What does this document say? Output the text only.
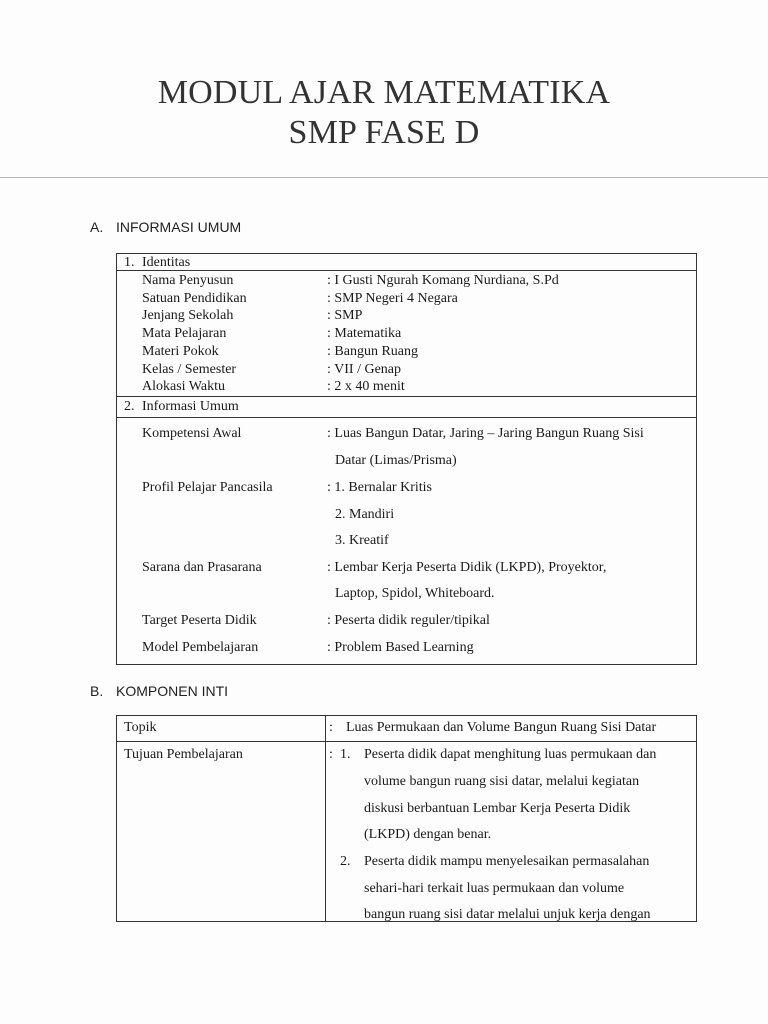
MODUL AJAR MATEMATIKA
SMP FASE D
A. INFORMASI UMUM
1. Identitas
Nama Penyusun	: I Gusti Ngurah Komang Nurdiana, S.Pd
Satuan Pendidikan	: SMP Negeri 4 Negara
Jenjang Sekolah	: SMP
Mata Pelajaran	: Matematika
Materi Pokok	: Bangun Ruang
Kelas / Semester	: VII / Genap
Alokasi Waktu	: 2 x 40 menit
2. Informasi Umum
Kompetensi Awal	: Luas Bangun Datar, Jaring – Jaring Bangun Ruang Sisi
Datar (Limas/Prisma)
Profil Pelajar Pancasila	: 1. Bernalar Kritis
2. Mandiri
3. Kreatif
Sarana dan Prasarana	: Lembar Kerja Peserta Didik (LKPD), Proyektor,
Laptop, Spidol, Whiteboard.
Target Peserta Didik	: Peserta didik reguler/tipikal
Model Pembelajaran	: Problem Based Learning
B. KOMPONEN INTI
Topik	: Luas Permukaan dan Volume Bangun Ruang Sisi Datar
Tujuan Pembelajaran	: 1. Peserta didik dapat menghitung luas permukaan dan
volume bangun ruang sisi datar, melalui kegiatan
diskusi berbantuan Lembar Kerja Peserta Didik
(LKPD) dengan benar.
2. Peserta didik mampu menyelesaikan permasalahan
sehari-hari terkait luas permukaan dan volume
bangun ruang sisi datar melalui unjuk kerja dengan
